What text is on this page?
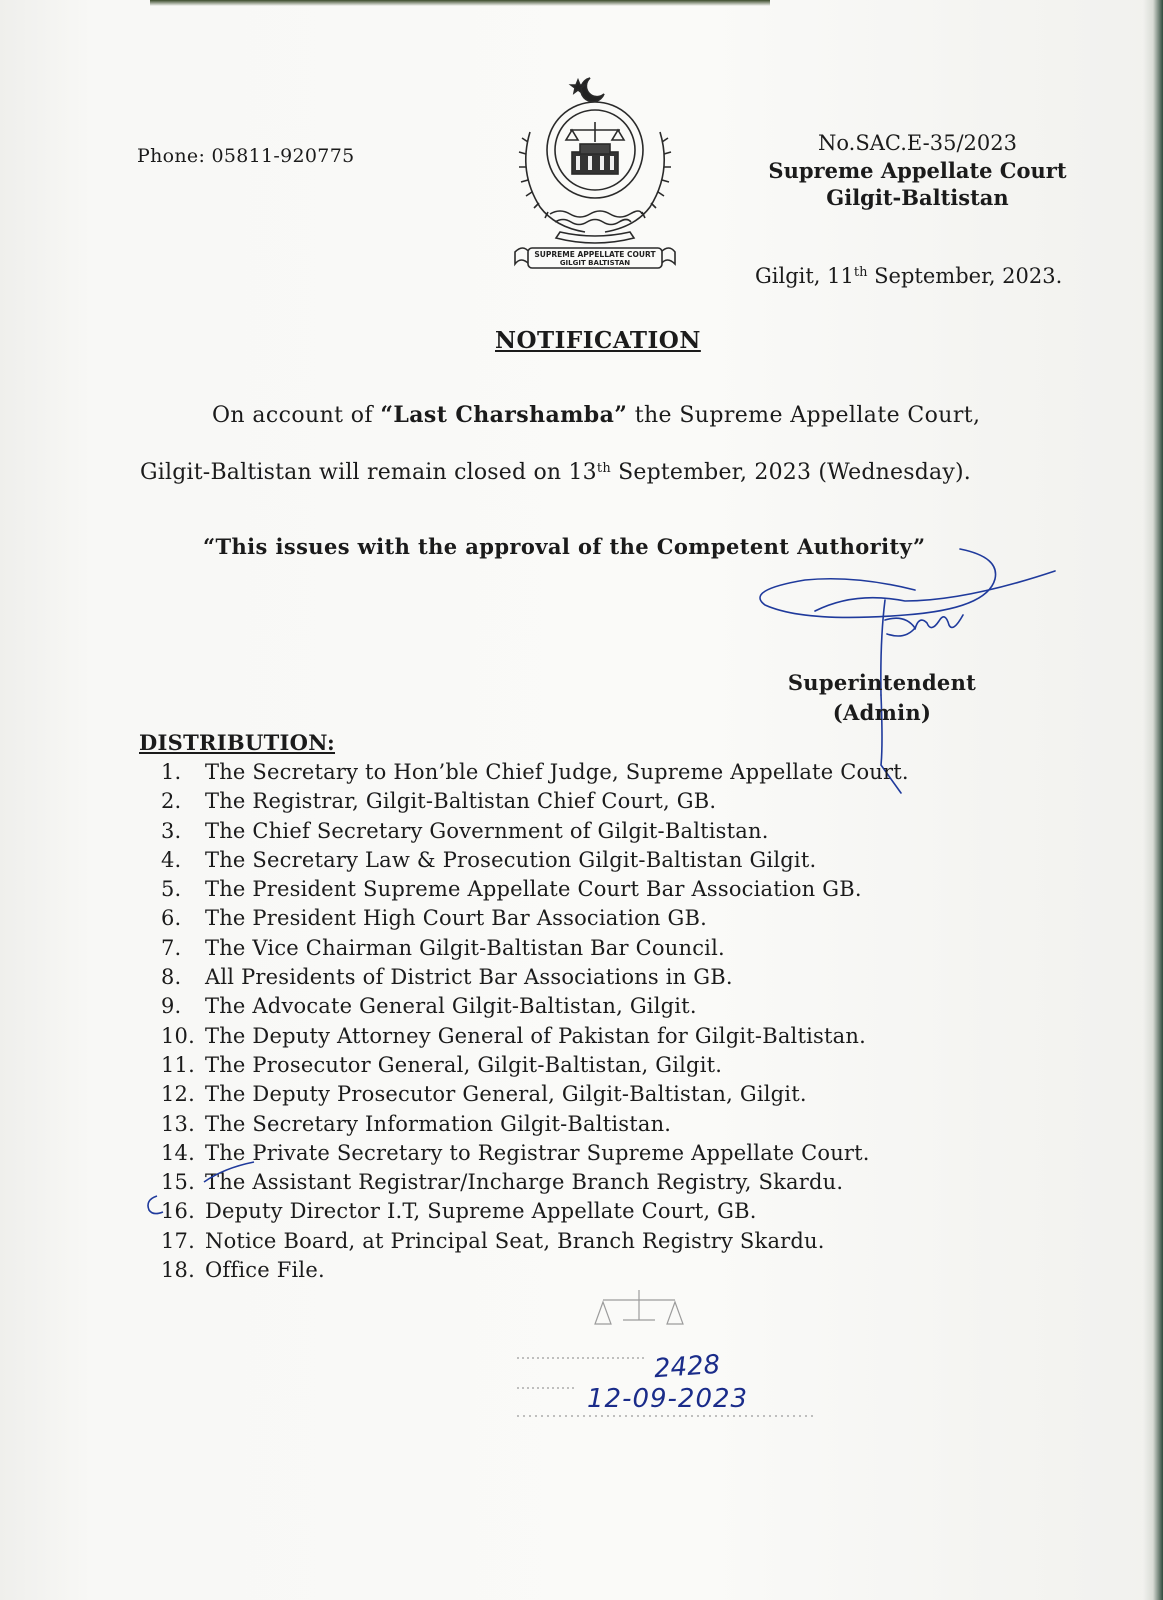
Phone: 05811-920775
SUPREME APPELLATE COURT
GILGIT BALTISTAN
No.SAC.E-35/2023
Supreme Appellate Court
Gilgit-Baltistan
Gilgit, 11th September, 2023.
NOTIFICATION
On account of “Last Charshamba” the Supreme Appellate Court,
Gilgit-Baltistan will remain closed on 13th September, 2023 (Wednesday).
“This issues with the approval of the Competent Authority”
Superintendent
(Admin)
DISTRIBUTION:
1. The Secretary to Hon’ble Chief Judge, Supreme Appellate Court.
2. The Registrar, Gilgit-Baltistan Chief Court, GB.
3. The Chief Secretary Government of Gilgit-Baltistan.
4. The Secretary Law & Prosecution Gilgit-Baltistan Gilgit.
5. The President Supreme Appellate Court Bar Association GB.
6. The President High Court Bar Association GB.
7. The Vice Chairman Gilgit-Baltistan Bar Council.
8. All Presidents of District Bar Associations in GB.
9. The Advocate General Gilgit-Baltistan, Gilgit.
10. The Deputy Attorney General of Pakistan for Gilgit-Baltistan.
11. The Prosecutor General, Gilgit-Baltistan, Gilgit.
12. The Deputy Prosecutor General, Gilgit-Baltistan, Gilgit.
13. The Secretary Information Gilgit-Baltistan.
14. The Private Secretary to Registrar Supreme Appellate Court.
15. The Assistant Registrar/Incharge Branch Registry, Skardu.
16. Deputy Director I.T, Supreme Appellate Court, GB.
17. Notice Board, at Principal Seat, Branch Registry Skardu.
18. Office File.
2428
12-09-2023
